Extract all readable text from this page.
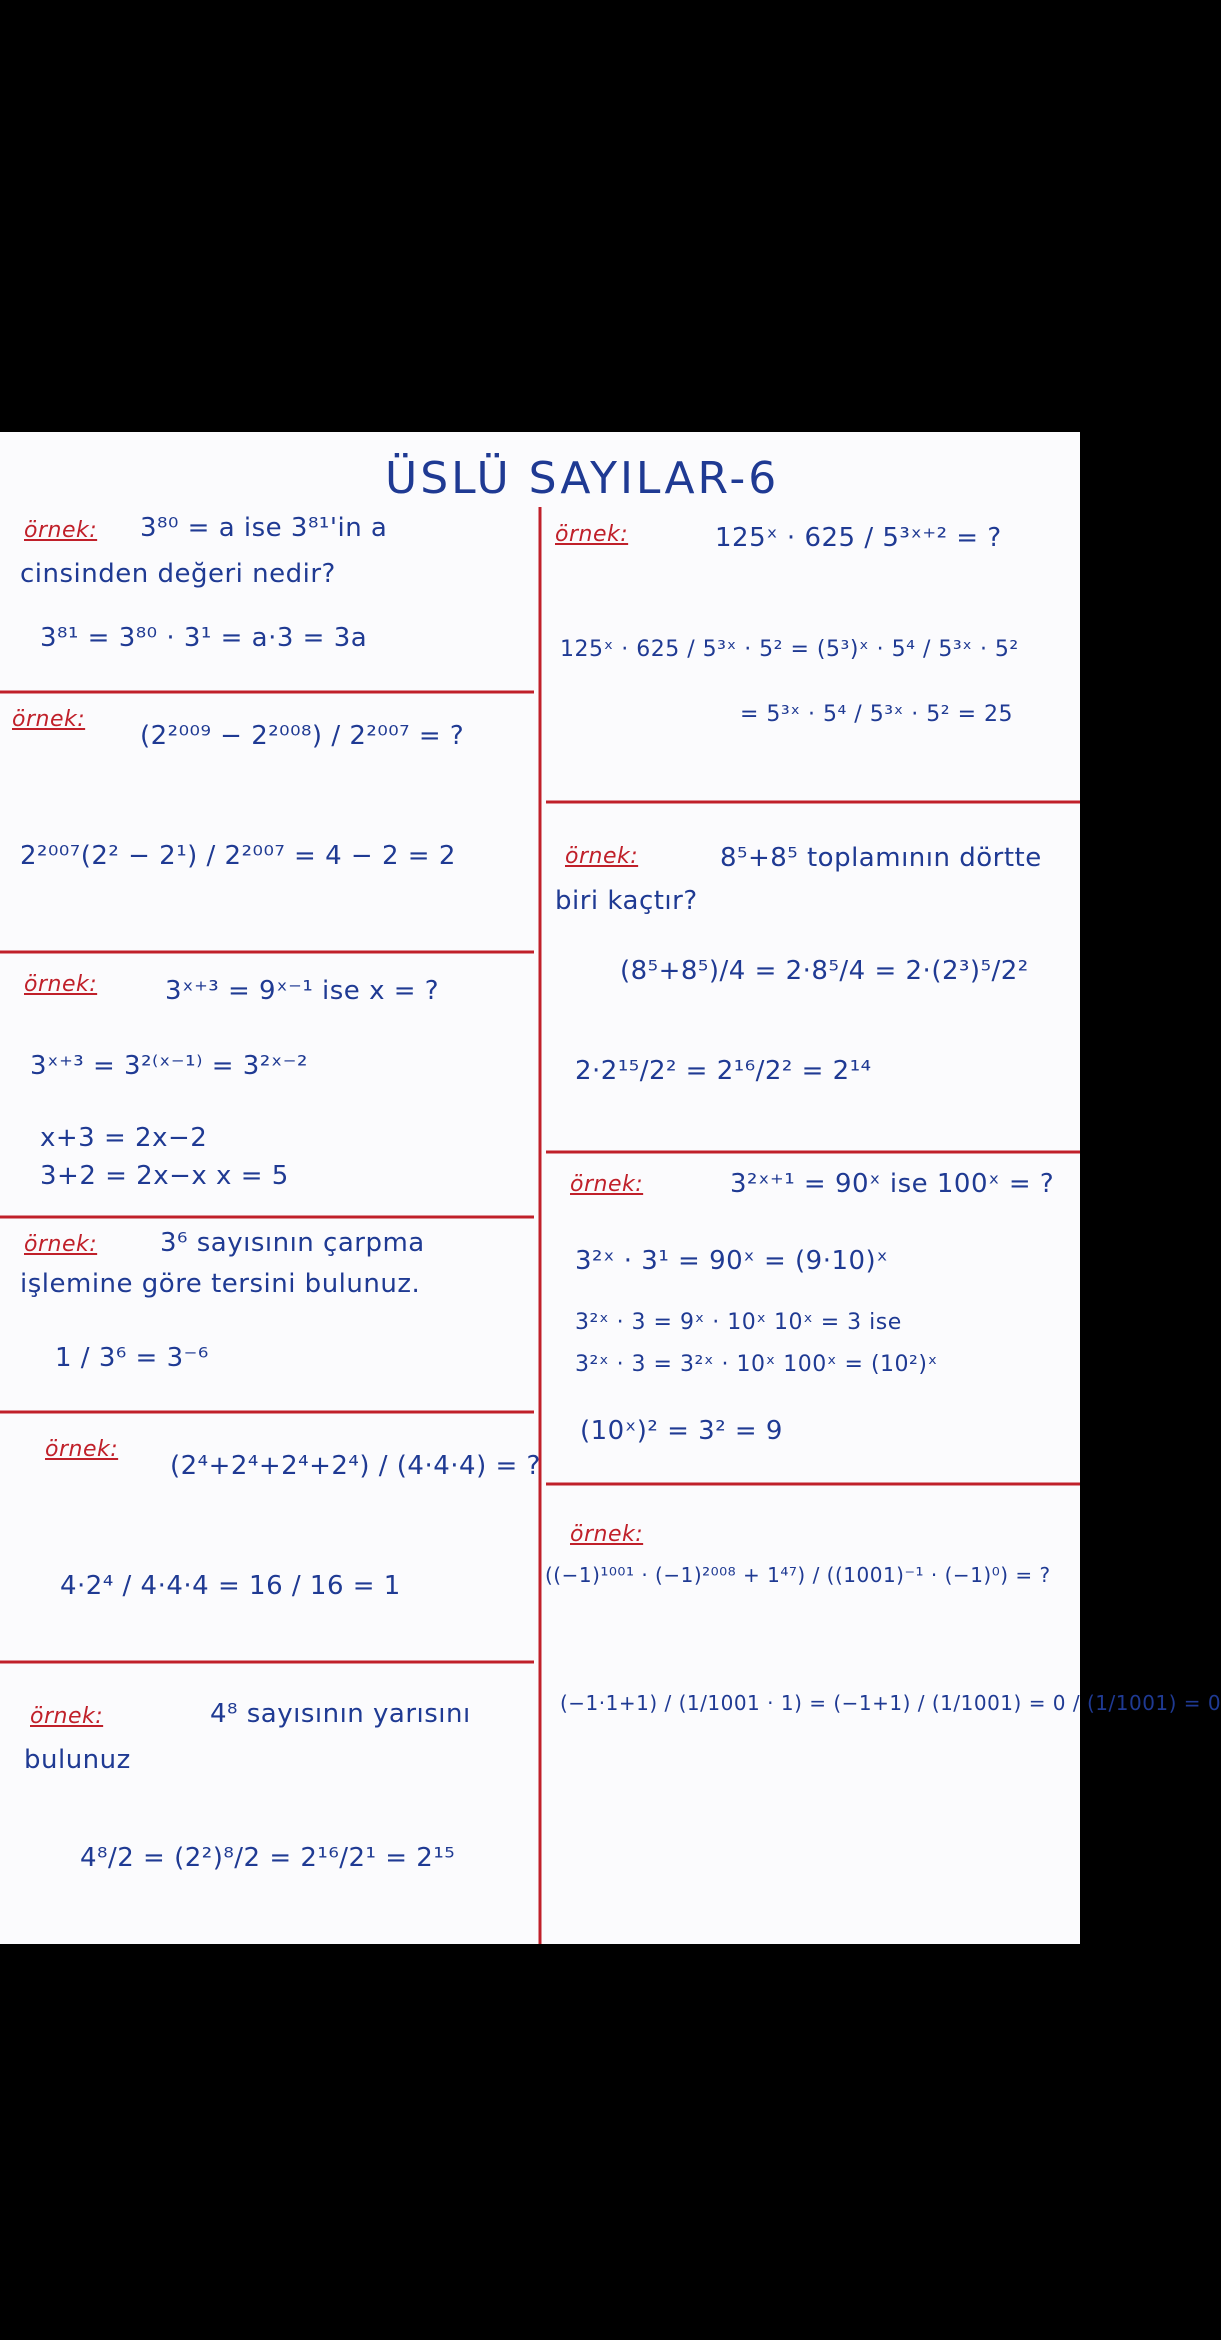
ÜSLÜ SAYILAR-6
örnek: 3⁸⁰ = a ise 3⁸¹'in a
cinsinden değeri nedir?
3⁸¹ = 3⁸⁰ · 3¹ = a·3 = 3a
örnek:
(2²⁰⁰⁹ − 2²⁰⁰⁸) / 2²⁰⁰⁷ = ?
2²⁰⁰⁷(2² − 2¹) / 2²⁰⁰⁷ = 4 − 2 = 2
örnek:	3ˣ⁺³ = 9ˣ⁻¹ ise x = ?
3ˣ⁺³ = 3²⁽ˣ⁻¹⁾ = 3²ˣ⁻²
x+3 = 2x−2
3+2 = 2x−x x = 5
örnek: 3⁶ sayısının çarpma
işlemine göre tersini bulunuz.
1 / 3⁶ = 3⁻⁶
örnek:
(2⁴+2⁴+2⁴+2⁴) / (4·4·4) = ?
4·2⁴ / 4·4·4 = 16 / 16 = 1
örnek:	4⁸ sayısının yarısını
bulunuz
4⁸/2 = (2²)⁸/2 = 2¹⁶/2¹ = 2¹⁵
örnek:	125ˣ · 625 / 5³ˣ⁺² = ?
125ˣ · 625 / 5³ˣ · 5² = (5³)ˣ · 5⁴ / 5³ˣ · 5²
= 5³ˣ · 5⁴ / 5³ˣ · 5² = 25
örnek:	8⁵+8⁵ toplamının dörtte
biri kaçtır?
(8⁵+8⁵)/4 = 2·8⁵/4 = 2·(2³)⁵/2²
2·2¹⁵/2² = 2¹⁶/2² = 2¹⁴
örnek:	3²ˣ⁺¹ = 90ˣ ise 100ˣ = ?
3²ˣ · 3¹ = 90ˣ = (9·10)ˣ
3²ˣ · 3 = 9ˣ · 10ˣ 10ˣ = 3 ise
3²ˣ · 3 = 3²ˣ · 10ˣ 100ˣ = (10²)ˣ
(10ˣ)² = 3² = 9
örnek:
((−1)¹⁰⁰¹ · (−1)²⁰⁰⁸ + 1⁴⁷) / ((1001)⁻¹ · (−1)⁰) = ?
(−1·1+1) / (1/1001 · 1) = (−1+1) / (1/1001) = 0 / (1/1001) = 0
